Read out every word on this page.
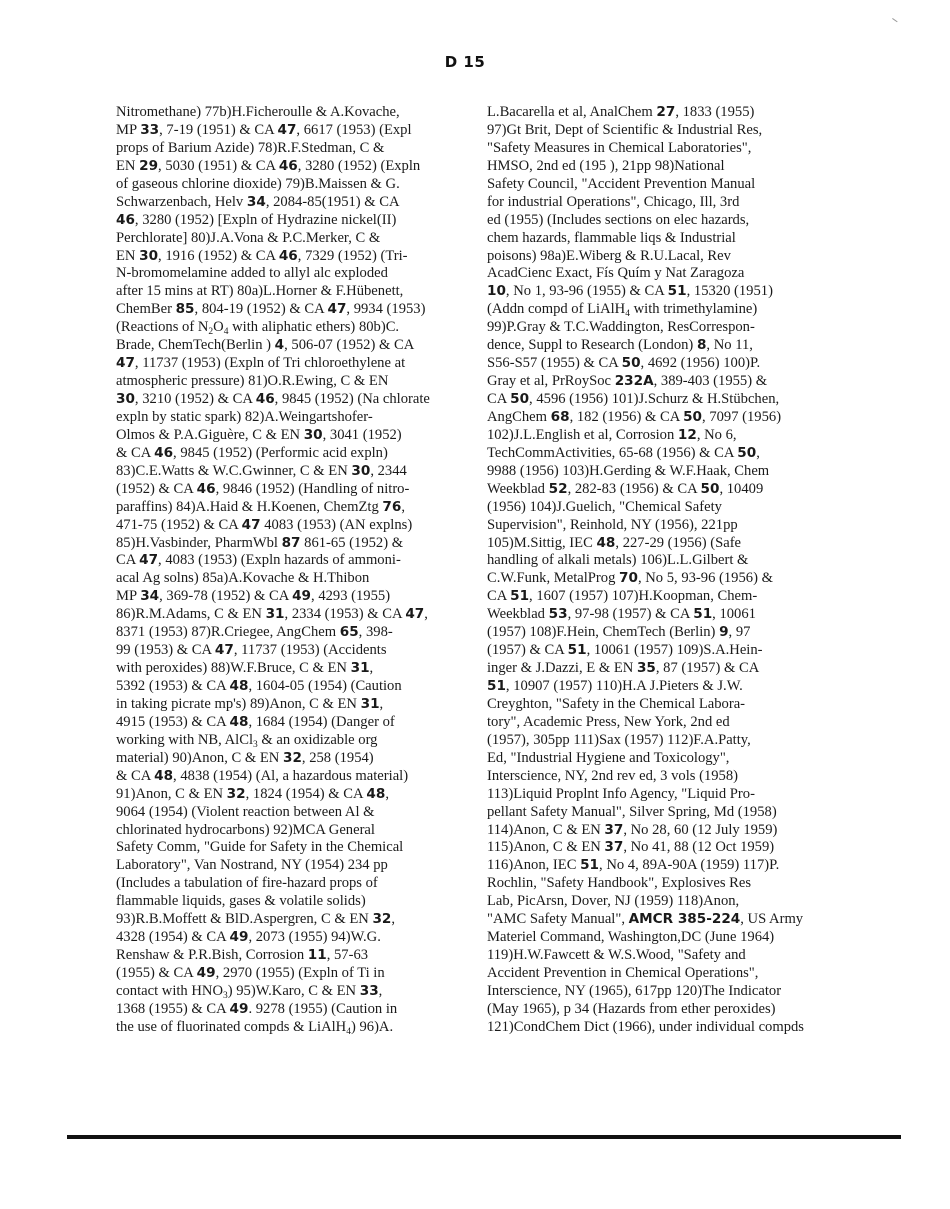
D 15
Nitromethane) 77b)H.Ficheroulle & A.Kovache,
MP 33, 7-19 (1951) & CA 47, 6617 (1953) (Expl
props of Barium Azide) 78)R.F.Stedman, C &
EN 29, 5030 (1951) & CA 46, 3280 (1952) (Expln
of gaseous chlorine dioxide) 79)B.Maissen & G.
Schwarzenbach, Helv 34, 2084-85(1951) & CA
46, 3280 (1952) [Expln of Hydrazine nickel(II)
Perchlorate] 80)J.A.Vona & P.C.Merker, C &
EN 30, 1916 (1952) & CA 46, 7329 (1952) (Tri-
N-bromomelamine added to allyl alc exploded
after 15 mins at RT) 80a)L.Horner & F.Hübenett,
ChemBer 85, 804-19 (1952) & CA 47, 9934 (1953)
(Reactions of $N_2O_4$ with aliphatic ethers) 80b)C.
Brade, ChemTech(Berlin ) 4, 506-07 (1952) & CA
47, 11737 (1953) (Expln of Tri chloroethylene at
atmospheric pressure) 81)O.R.Ewing, C & EN
30, 3210 (1952) & CA 46, 9845 (1952) (Na chlorate
expln by static spark) 82)A.Weingartshofer-
Olmos & P.A.Giguère, C & EN 30, 3041 (1952)
& CA 46, 9845 (1952) (Performic acid expln)
83)C.E.Watts & W.C.Gwinner, C & EN 30, 2344
(1952) & CA 46, 9846 (1952) (Handling of nitro-
paraffins) 84)A.Haid & H.Koenen, ChemZtg 76,
471-75 (1952) & CA 47 4083 (1953) (AN explns)
85)H.Vasbinder, PharmWbl 87 861-65 (1952) &
CA 47, 4083 (1953) (Expln hazards of ammoni-
acal Ag solns) 85a)A.Kovache & H.Thibon
MP 34, 369-78 (1952) & CA 49, 4293 (1955)
86)R.M.Adams, C & EN 31, 2334 (1953) & CA 47,
8371 (1953) 87)R.Criegee, AngChem 65, 398-
99 (1953) & CA 47, 11737 (1953) (Accidents
with peroxides) 88)W.F.Bruce, C & EN 31,
5392 (1953) & CA 48, 1604-05 (1954) (Caution
in taking picrate mp's) 89)Anon, C & EN 31,
4915 (1953) & CA 48, 1684 (1954) (Danger of
working with NB, AlCl$_3$ & an oxidizable org
material) 90)Anon, C & EN 32, 258 (1954)
& CA 48, 4838 (1954) (Al, a hazardous material)
91)Anon, C & EN 32, 1824 (1954) & CA 48,
9064 (1954) (Violent reaction between Al &
chlorinated hydrocarbons) 92)MCA General
Safety Comm, "Guide for Safety in the Chemical
Laboratory", Van Nostrand, NY (1954) 234 pp
(Includes a tabulation of fire-hazard props of
flammable liquids, gases & volatile solids)
93)R.B.Moffett & BlD.Aspergren, C & EN 32,
4328 (1954) & CA 49, 2073 (1955) 94)W.G.
Renshaw & P.R.Bish, Corrosion 11, 57-63
(1955) & CA 49, 2970 (1955) (Expln of Ti in
contact with $HNO_3$) 95)W.Karo, C & EN 33,
1368 (1955) & CA 49. 9278 (1955) (Caution in
the use of fluorinated compds & LiAlH$_4$) 96)A.
L.Bacarella et al, AnalChem 27, 1833 (1955)
97)Gt Brit, Dept of Scientific & Industrial Res,
"Safety Measures in Chemical Laboratories",
HMSO, 2nd ed (195 ), 21pp 98)National
Safety Council, "Accident Prevention Manual
for industrial Operations", Chicago, Ill, 3rd
ed (1955) (Includes sections on elec hazards,
chem hazards, flammable liqs & Industrial
poisons) 98a)E.Wiberg & R.U.Lacal, Rev
AcadCienc Exact, Fís Quím y Nat Zaragoza
10, No 1, 93-96 (1955) & CA 51, 15320 (1951)
(Addn compd of LiAlH$_4$ with trimethylamine)
99)P.Gray & T.C.Waddington, ResCorrespon-
dence, Suppl to Research (London) 8, No 11,
S56-S57 (1955) & CA 50, 4692 (1956) 100)P.
Gray et al, PrRoySoc 232A, 389-403 (1955) &
CA 50, 4596 (1956) 101)J.Schurz & H.Stübchen,
AngChem 68, 182 (1956) & CA 50, 7097 (1956)
102)J.L.English et al, Corrosion 12, No 6,
TechCommActivities, 65-68 (1956) & CA 50,
9988 (1956) 103)H.Gerding & W.F.Haak, Chem
Weekblad 52, 282-83 (1956) & CA 50, 10409
(1956) 104)J.Guelich, "Chemical Safety
Supervision", Reinhold, NY (1956), 221pp
105)M.Sittig, IEC 48, 227-29 (1956) (Safe
handling of alkali metals) 106)L.L.Gilbert &
C.W.Funk, MetalProg 70, No 5, 93-96 (1956) &
CA 51, 1607 (1957) 107)H.Koopman, Chem-
Weekblad 53, 97-98 (1957) & CA 51, 10061
(1957) 108)F.Hein, ChemTech (Berlin) 9, 97
(1957) & CA 51, 10061 (1957) 109)S.A.Hein-
inger & J.Dazzi, E & EN 35, 87 (1957) & CA
51, 10907 (1957) 110)H.A J.Pieters & J.W.
Creyghton, "Safety in the Chemical Labora-
tory", Academic Press, New York, 2nd ed
(1957), 305pp 111)Sax (1957) 112)F.A.Patty,
Ed, "Industrial Hygiene and Toxicology",
Interscience, NY, 2nd rev ed, 3 vols (1958)
113)Liquid Proplnt Info Agency, "Liquid Pro-
pellant Safety Manual", Silver Spring, Md (1958)
114)Anon, C & EN 37, No 28, 60 (12 July 1959)
115)Anon, C & EN 37, No 41, 88 (12 Oct 1959)
116)Anon, IEC 51, No 4, 89A-90A (1959) 117)P.
Rochlin, "Safety Handbook", Explosives Res
Lab, PicArsn, Dover, NJ (1959) 118)Anon,
"AMC Safety Manual", AMCR 385-224, US Army
Materiel Command, Washington,DC (June 1964)
119)H.W.Fawcett & W.S.Wood, "Safety and
Accident Prevention in Chemical Operations",
Interscience, NY (1965), 617pp 120)The Indicator
(May 1965), p 34 (Hazards from ether peroxides)
121)CondChem Dict (1966), under individual compds
